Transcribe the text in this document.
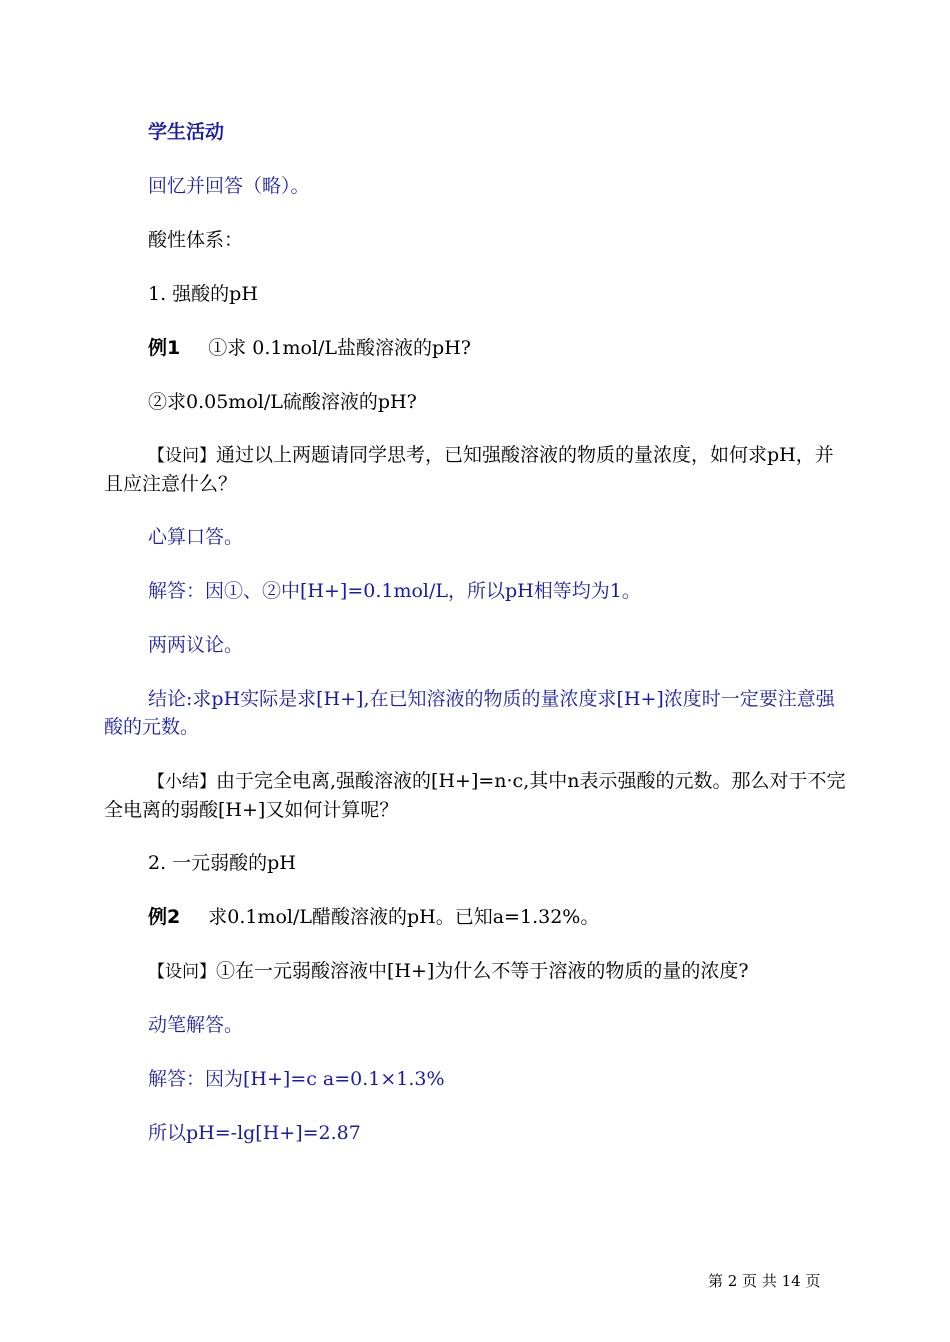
学生活动
回忆并回答（略）。
酸性体系：
1. 强酸的pH
例1 ①求 0.1mol/L盐酸溶液的pH?
②求0.05mol/L硫酸溶液的pH?
【设问】通过以上两题请同学思考，已知强酸溶液的物质的量浓度，如何求pH，并且应注意什么？
心算口答。
解答：因①、②中[H+]=0.1mol/L，所以pH相等均为1。
两两议论。
结论:求pH实际是求[H+],在已知溶液的物质的量浓度求[H+]浓度时一定要注意强酸的元数。
【小结】由于完全电离,强酸溶液的[H+]=n·c,其中n表示强酸的元数。那么对于不完全电离的弱酸[H+]又如何计算呢？
2. 一元弱酸的pH
例2 求0.1mol/L醋酸溶液的pH。已知a=1.32%。
【设问】①在一元弱酸溶液中[H+]为什么不等于溶液的物质的量的浓度?
动笔解答。
解答：因为[H+]=c a=0.1×1.3%
所以pH=-lg[H+]=2.87
第 2 页 共 14 页
